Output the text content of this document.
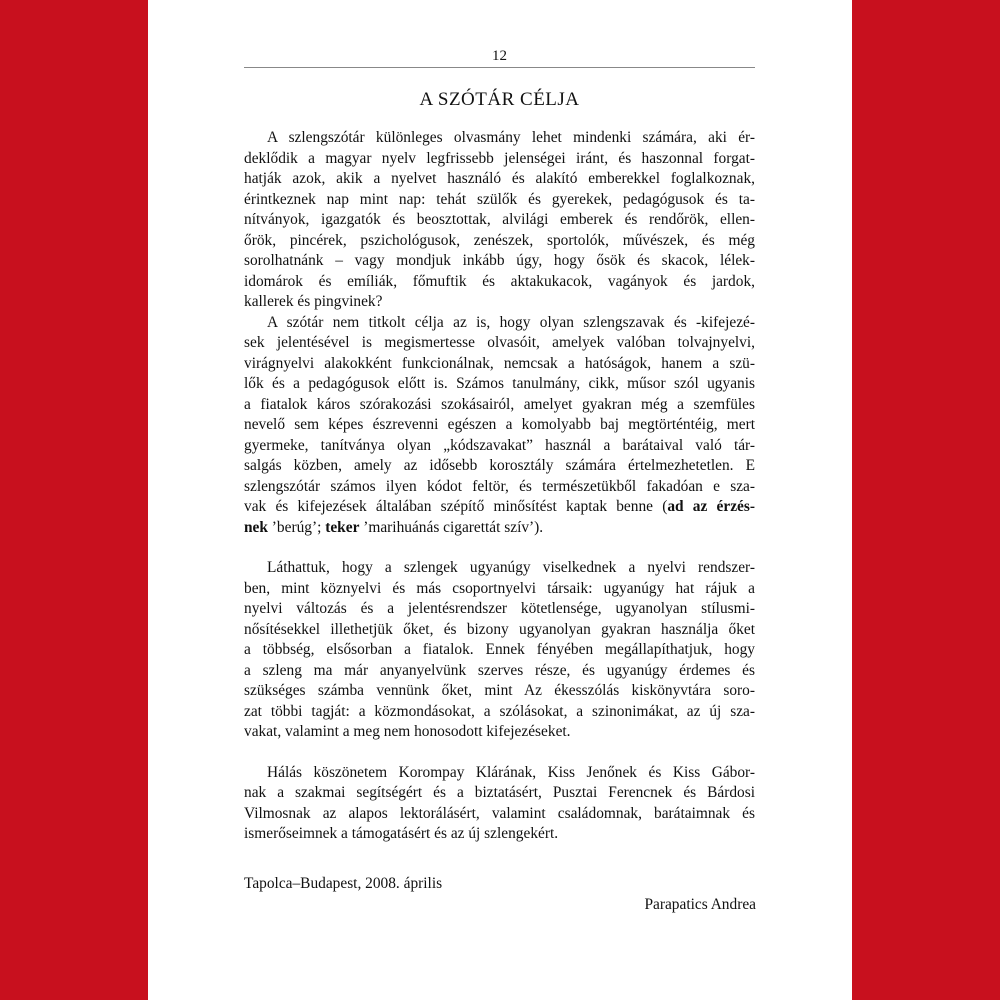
12
A SZÓTÁR CÉLJA
A szlengszótár különleges olvasmány lehet mindenki számára, aki ér-
deklődik a magyar nyelv legfrissebb jelenségei iránt, és haszonnal forgat-
hatják azok, akik a nyelvet használó és alakító emberekkel foglalkoznak,
érintkeznek nap mint nap: tehát szülők és gyerekek, pedagógusok és ta-
nítványok, igazgatók és beosztottak, alvilági emberek és rendőrök, ellen-
őrök, pincérek, pszichológusok, zenészek, sportolók, művészek, és még
sorolhatnánk – vagy mondjuk inkább úgy, hogy ősök és skacok, lélek-
idomárok és emíliák, főmuftik és aktakukacok, vagányok és jardok,
kallerek és pingvinek?
A szótár nem titkolt célja az is, hogy olyan szlengszavak és -kifejezé-
sek jelentésével is megismertesse olvasóit, amelyek valóban tolvajnyelvi,
virágnyelvi alakokként funkcionálnak, nemcsak a hatóságok, hanem a szü-
lők és a pedagógusok előtt is. Számos tanulmány, cikk, műsor szól ugyanis
a fiatalok káros szórakozási szokásairól, amelyet gyakran még a szemfüles
nevelő sem képes észrevenni egészen a komolyabb baj megtörténtéig, mert
gyermeke, tanítványa olyan „kódszavakat” használ a barátaival való tár-
salgás közben, amely az idősebb korosztály számára értelmezhetetlen. E
szlengszótár számos ilyen kódot feltör, és természetükből fakadóan e sza-
vak és kifejezések általában szépítő minősítést kaptak benne (ad az érzés-
nek ’berúg’; teker ’marihuánás cigarettát szív’).
Láthattuk, hogy a szlengek ugyanúgy viselkednek a nyelvi rendszer-
ben, mint köznyelvi és más csoportnyelvi társaik: ugyanúgy hat rájuk a
nyelvi változás és a jelentésrendszer kötetlensége, ugyanolyan stílusmi-
nősítésekkel illethetjük őket, és bizony ugyanolyan gyakran használja őket
a többség, elsősorban a fiatalok. Ennek fényében megállapíthatjuk, hogy
a szleng ma már anyanyelvünk szerves része, és ugyanúgy érdemes és
szükséges számba vennünk őket, mint Az ékesszólás kiskönyvtára soro-
zat többi tagját: a közmondásokat, a szólásokat, a szinonimákat, az új sza-
vakat, valamint a meg nem honosodott kifejezéseket.
Hálás köszönetem Korompay Klárának, Kiss Jenőnek és Kiss Gábor-
nak a szakmai segítségért és a biztatásért, Pusztai Ferencnek és Bárdosi
Vilmosnak az alapos lektorálásért, valamint családomnak, barátaimnak és
ismerőseimnek a támogatásért és az új szlengekért.
Tapolca–Budapest, 2008. április
Parapatics Andrea
